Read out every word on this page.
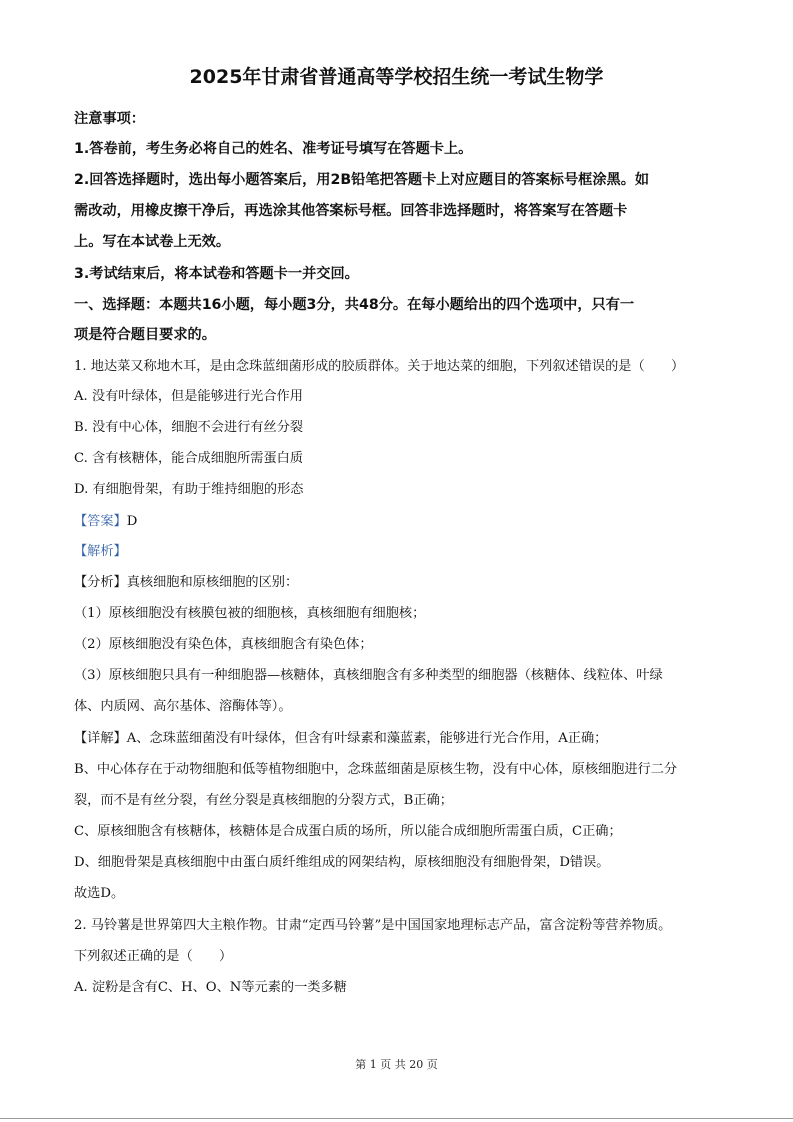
2025年甘肃省普通高等学校招生统一考试生物学
注意事项：
1.答卷前，考生务必将自己的姓名、准考证号填写在答题卡上。
2.回答选择题时，选出每小题答案后，用2B铅笔把答题卡上对应题目的答案标号框涂黑。如
需改动，用橡皮擦干净后，再选涂其他答案标号框。回答非选择题时，将答案写在答题卡
上。写在本试卷上无效。
3.考试结束后，将本试卷和答题卡一并交回。
一、选择题：本题共16小题，每小题3分，共48分。在每小题给出的四个选项中，只有一
项是符合题目要求的。
1. 地达菜又称地木耳，是由念珠蓝细菌形成的胶质群体。关于地达菜的细胞，下列叙述错误的是（　　）
A. 没有叶绿体，但是能够进行光合作用
B. 没有中心体，细胞不会进行有丝分裂
C. 含有核糖体，能合成细胞所需蛋白质
D. 有细胞骨架，有助于维持细胞的形态
【答案】D
【解析】
【分析】真核细胞和原核细胞的区别：
（1）原核细胞没有核膜包被的细胞核，真核细胞有细胞核；
（2）原核细胞没有染色体，真核细胞含有染色体；
（3）原核细胞只具有一种细胞器—核糖体，真核细胞含有多种类型的细胞器（核糖体、线粒体、叶绿
体、内质网、高尔基体、溶酶体等）。
【详解】A、念珠蓝细菌没有叶绿体，但含有叶绿素和藻蓝素，能够进行光合作用，A正确；
B、中心体存在于动物细胞和低等植物细胞中，念珠蓝细菌是原核生物，没有中心体，原核细胞进行二分
裂，而不是有丝分裂，有丝分裂是真核细胞的分裂方式，B正确；
C、原核细胞含有核糖体，核糖体是合成蛋白质的场所，所以能合成细胞所需蛋白质，C正确；
D、细胞骨架是真核细胞中由蛋白质纤维组成的网架结构，原核细胞没有细胞骨架，D错误。
故选D。
2. 马铃薯是世界第四大主粮作物。甘肃“定西马铃薯”是中国国家地理标志产品，富含淀粉等营养物质。
下列叙述正确的是（　　）
A. 淀粉是含有C、H、O、N等元素的一类多糖
第 1 页 共 20 页
